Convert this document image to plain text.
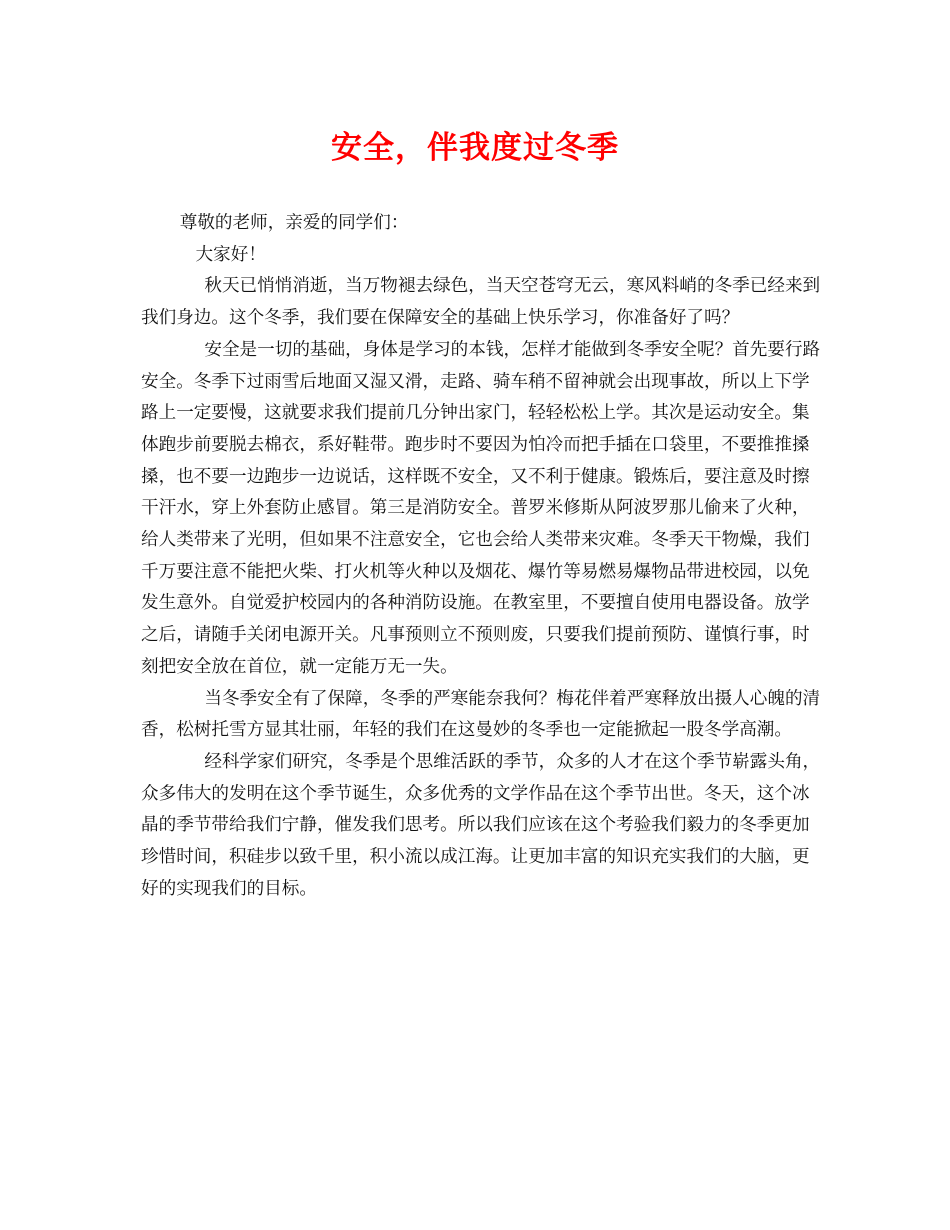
安全，伴我度过冬季

尊敬的老师，亲爱的同学们：

大家好！

秋天已悄悄消逝，当万物褪去绿色，当天空苍穹无云，寒风料峭的冬季已经来到我们身边。这个冬季，我们要在保障安全的基础上快乐学习，你准备好了吗？

安全是一切的基础，身体是学习的本钱，怎样才能做到冬季安全呢？首先要行路安全。冬季下过雨雪后地面又湿又滑，走路、骑车稍不留神就会出现事故，所以上下学路上一定要慢，这就要求我们提前几分钟出家门，轻轻松松上学。其次是运动安全。集体跑步前要脱去棉衣，系好鞋带。跑步时不要因为怕冷而把手插在口袋里，不要推推搡搡，也不要一边跑步一边说话，这样既不安全，又不利于健康。锻炼后，要注意及时擦干汗水，穿上外套防止感冒。第三是消防安全。普罗米修斯从阿波罗那儿偷来了火种，给人类带来了光明，但如果不注意安全，它也会给人类带来灾难。冬季天干物燥，我们千万要注意不能把火柴、打火机等火种以及烟花、爆竹等易燃易爆物品带进校园，以免发生意外。自觉爱护校园内的各种消防设施。在教室里，不要擅自使用电器设备。放学之后，请随手关闭电源开关。凡事预则立不预则废，只要我们提前预防、谨慎行事，时刻把安全放在首位，就一定能万无一失。

当冬季安全有了保障，冬季的严寒能奈我何？梅花伴着严寒释放出摄人心魄的清香，松树托雪方显其壮丽，年轻的我们在这曼妙的冬季也一定能掀起一股冬学高潮。

经科学家们研究，冬季是个思维活跃的季节，众多的人才在这个季节崭露头角，众多伟大的发明在这个季节诞生，众多优秀的文学作品在这个季节出世。冬天，这个冰晶的季节带给我们宁静，催发我们思考。所以我们应该在这个考验我们毅力的冬季更加珍惜时间，积硅步以致千里，积小流以成江海。让更加丰富的知识充实我们的大脑，更好的实现我们的目标。
